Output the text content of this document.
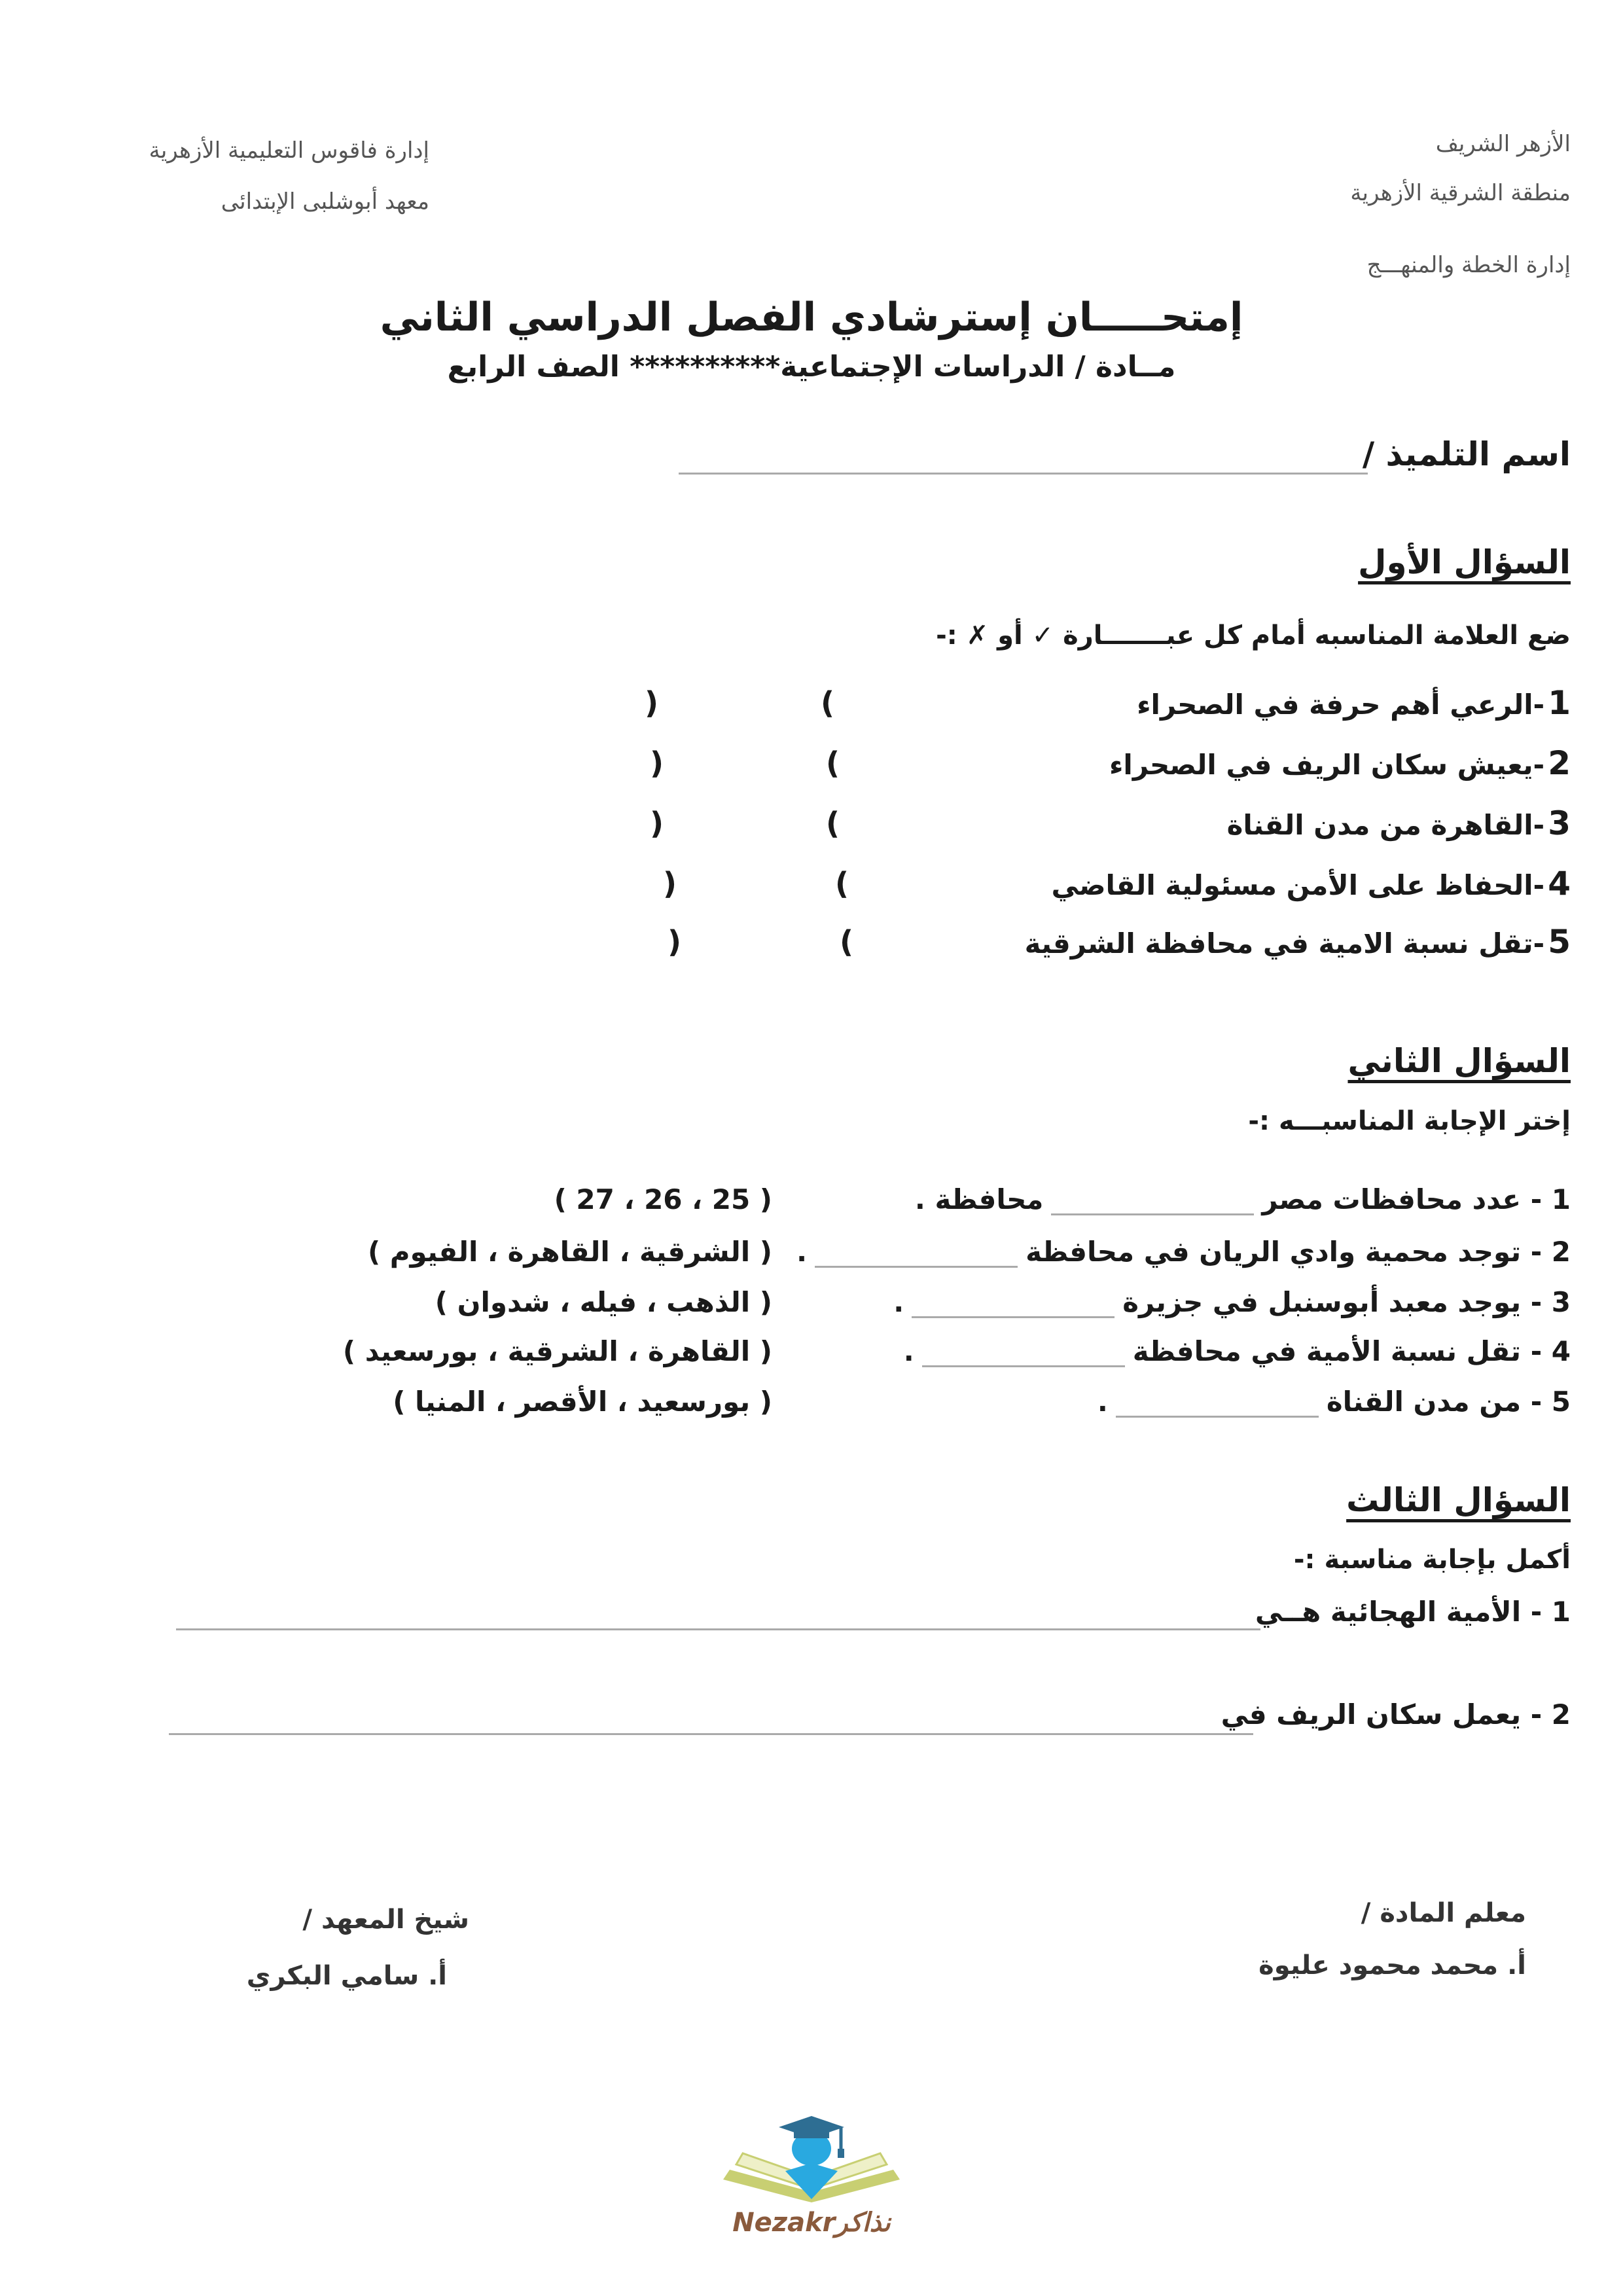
الأزهر الشريف
منطقة الشرقية الأزهرية
إدارة الخطة والمنهـــج
إدارة فاقوس التعليمية الأزهرية
معهد أبوشلبى الإبتدائى
إمتحـــــان إسترشادي الفصل الدراسي الثاني
مــادة / الدراسات الإجتماعية********** الصف الرابع
اسم التلميذ /
السؤال الأول
ضع العلامة المناسبه أمام كل عبـــــــارة ✓ أو ✗ :-
1 -الرعي أهم حرفة في الصحراء
(
)
2 -يعيش سكان الريف في الصحراء
(
)
3 -القاهرة من مدن القناة
(
)
4 -الحفاظ على الأمن مسئولية القاضي
(
)
5 -تقل نسبة الامية في محافظة الشرقية
(
)
السؤال الثاني
إختر الإجابة المناسبـــه :-
1 - عدد محافظات مصر
محافظة .
( 25 ، 26 ، 27 )
2 - توجد محمية وادي الريان في محافظة
.
( الشرقية ، القاهرة ، الفيوم )
3 - يوجد معبد أبوسنبل في جزيرة
.
( الذهب ، فيله ، شدوان )
4 - تقل نسبة الأمية في محافظة
.
( القاهرة ، الشرقية ، بورسعيد )
5 - من مدن القناة
.
( بورسعيد ، الأقصر ، المنيا )
السؤال الثالث
أكمل بإجابة مناسبة :-
1 - الأمية الهجائية هــي
2 - يعمل سكان الريف في
معلم المادة /
أ. محمد محمود عليوة
شيخ المعهد /
أ. سامي البكري
Nezakrنذاكر
